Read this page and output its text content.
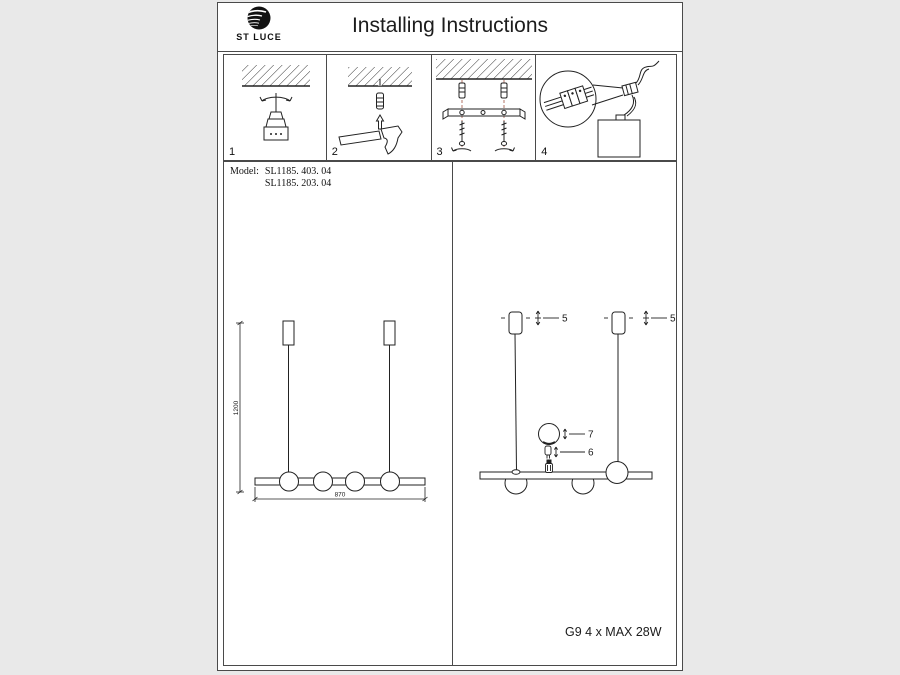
ST LUCE	Installing Instructions
1	2	3	4
Model: SL1185. 403. 04
SL1185. 203. 04
1200
870
5	5
7
6
G9 4 x MAX 28W
